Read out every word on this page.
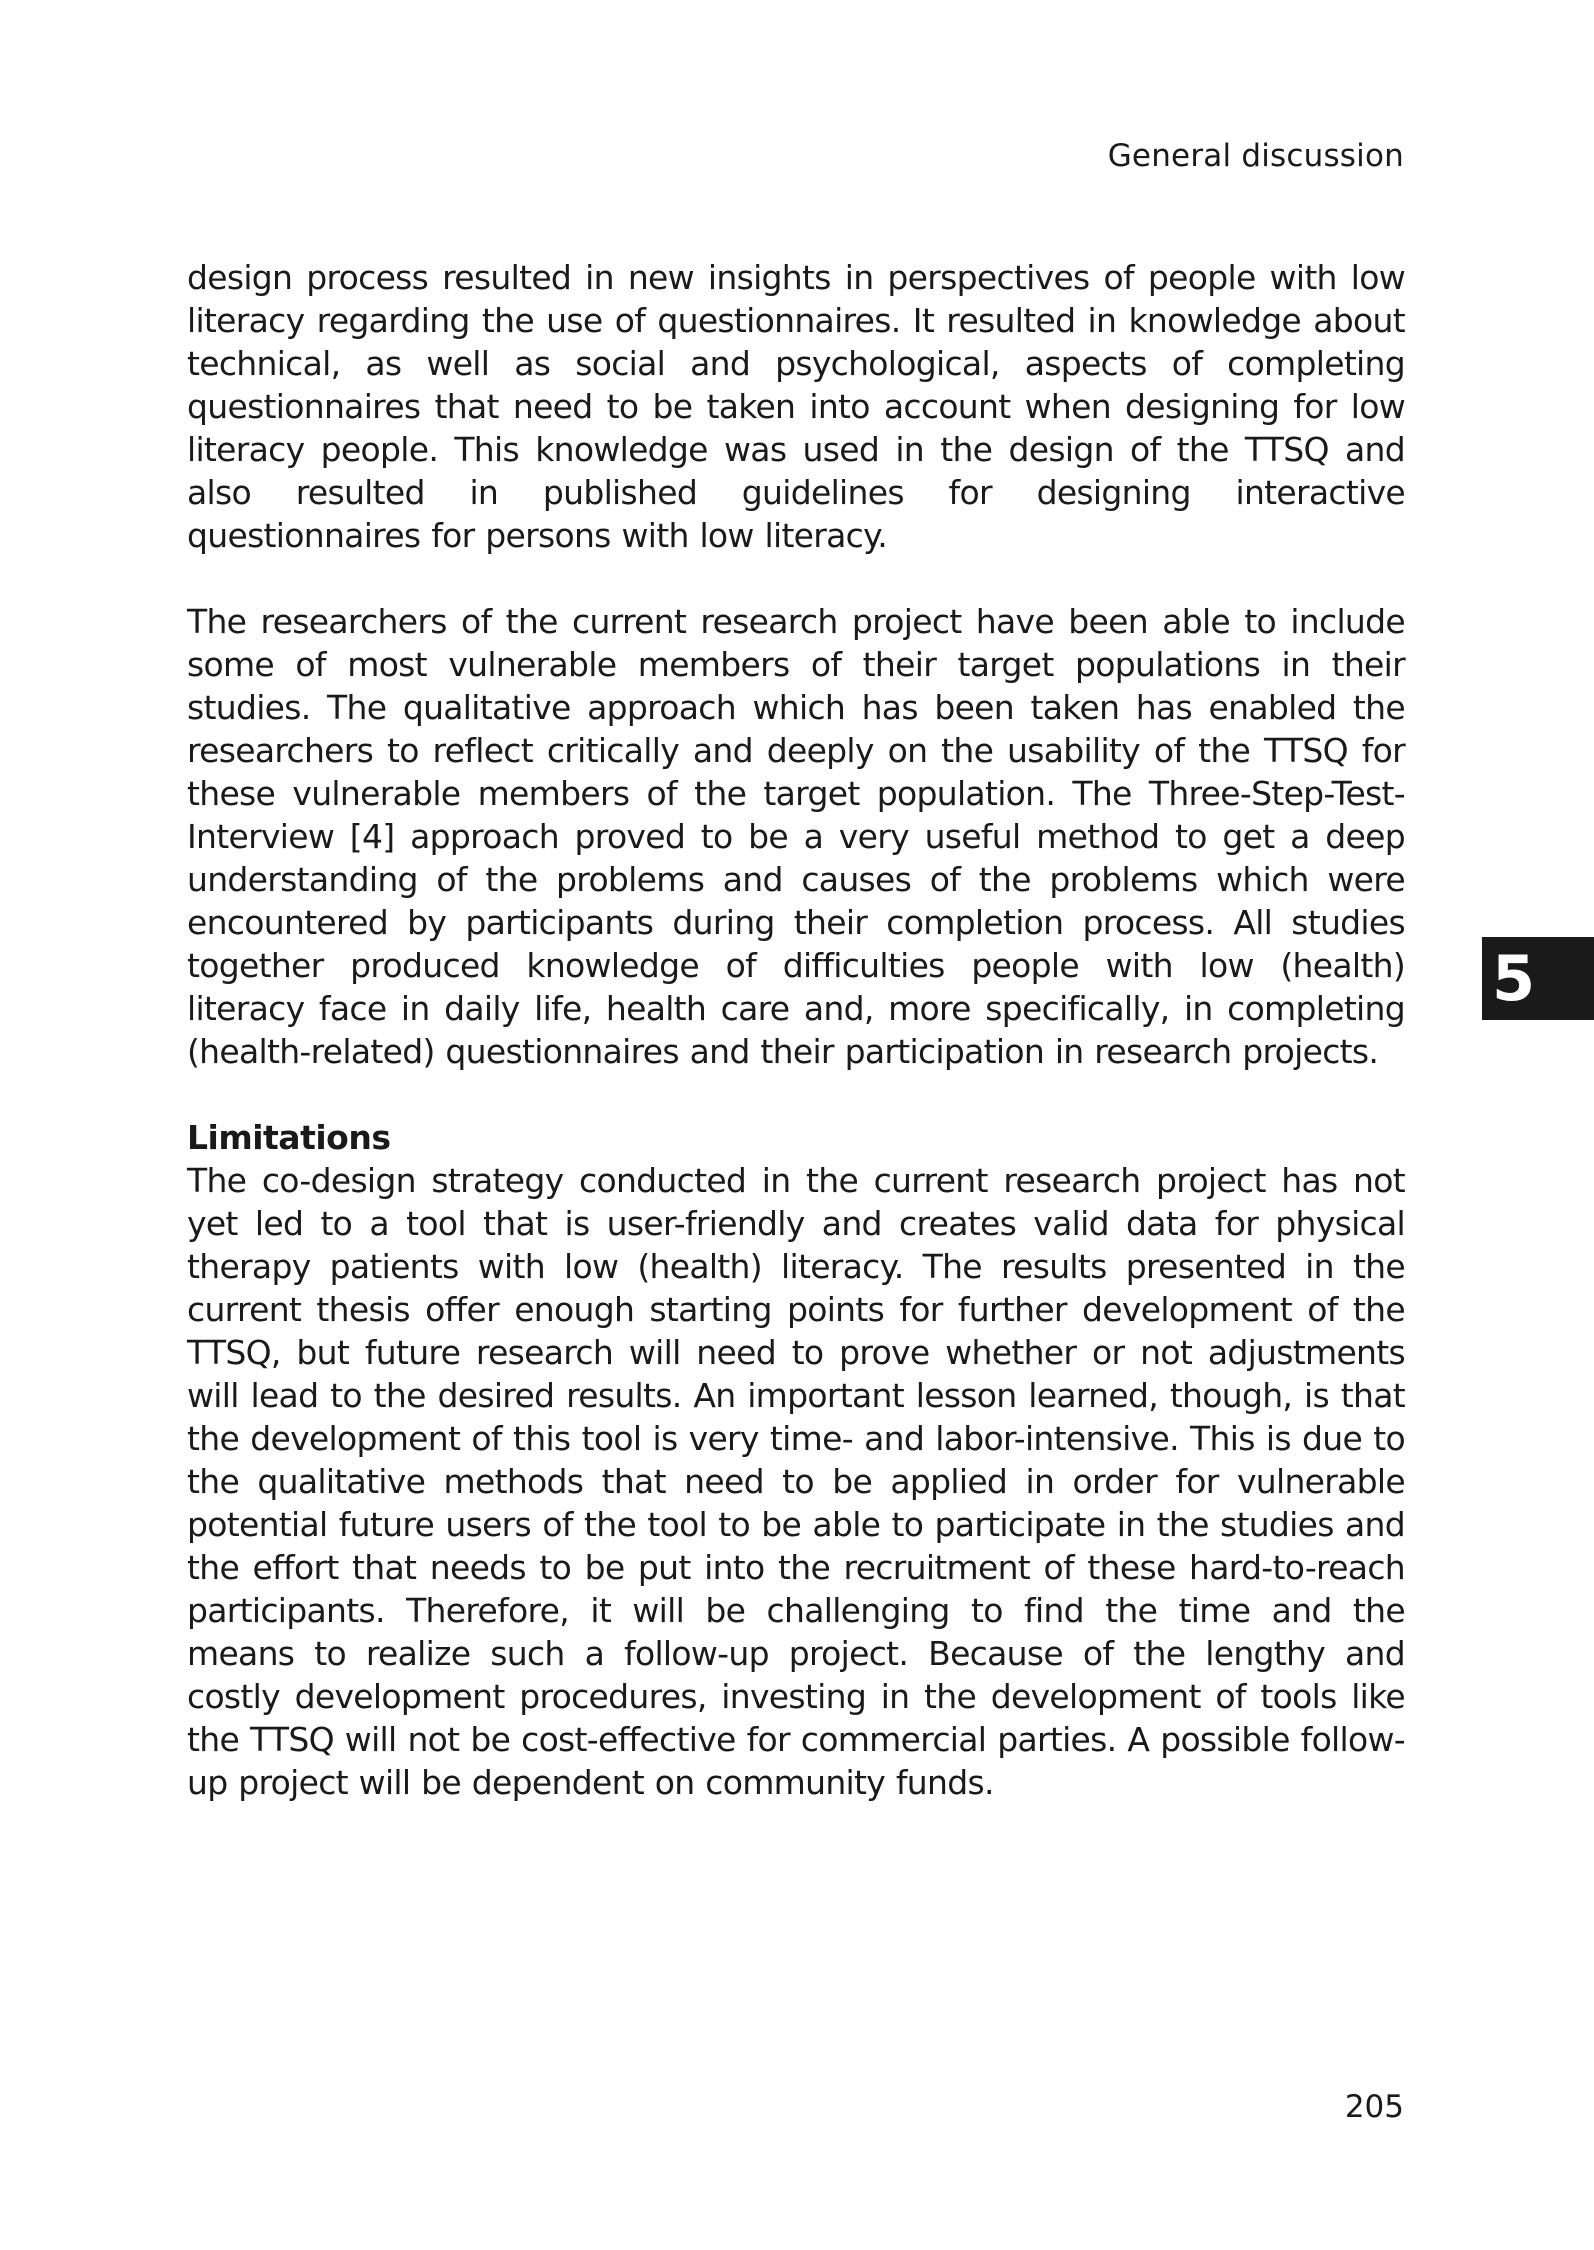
General discussion

design process resulted in new insights in perspectives of people with low literacy regarding the use of questionnaires. It resulted in knowledge about technical, as well as social and psychological, aspects of completing questionnaires that need to be taken into account when designing for low literacy people. This knowledge was used in the design of the TTSQ and also resulted in published guidelines for designing interactive questionnaires for persons with low literacy.

The researchers of the current research project have been able to include some of most vulnerable members of their target populations in their studies. The qualitative approach which has been taken has enabled the researchers to reflect critically and deeply on the usability of the TTSQ for these vulnerable members of the target population. The Three-Step-Test-Interview [4] approach proved to be a very useful method to get a deep understanding of the problems and causes of the problems which were encountered by participants during their completion process. All studies together produced knowledge of difficulties people with low (health) literacy face in daily life, health care and, more specifically, in completing (health-related) questionnaires and their participation in research projects.

Limitations

The co-design strategy conducted in the current research project has not yet led to a tool that is user-friendly and creates valid data for physical therapy patients with low (health) literacy. The results presented in the current thesis offer enough starting points for further development of the TTSQ, but future research will need to prove whether or not adjustments will lead to the desired results. An important lesson learned, though, is that the development of this tool is very time- and labor-intensive. This is due to the qualitative methods that need to be applied in order for vulnerable potential future users of the tool to be able to participate in the studies and the effort that needs to be put into the recruitment of these hard-to-reach participants. Therefore, it will be challenging to find the time and the means to realize such a follow-up project. Because of the lengthy and costly development procedures, investing in the development of tools like the TTSQ will not be cost-effective for commercial parties. A possible follow-up project will be dependent on community funds.

5
205
